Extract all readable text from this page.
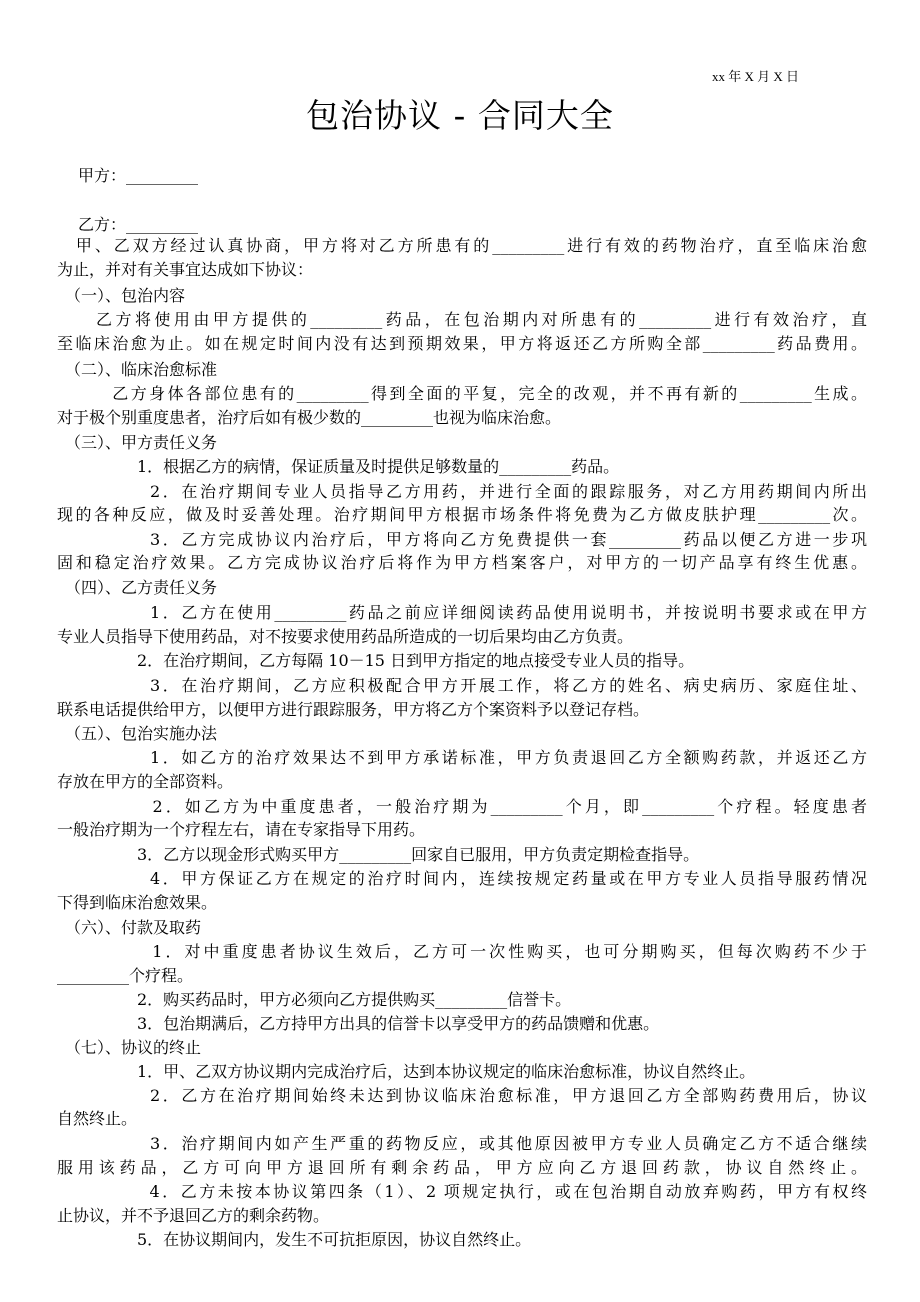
xx 年 X 月 X 日
包治协议 - 合同大全
甲方：_________
乙方：_________
　甲、乙双方经过认真协商，甲方将对乙方所患有的_________进行有效的药物治疗，直至临床治愈
为止，并对有关事宜达成如下协议：
　（一）、包治内容
　　乙方将使用由甲方提供的_________药品，在包治期内对所患有的_________进行有效治疗，直
至临床治愈为止。如在规定时间内没有达到预期效果，甲方将返还乙方所购全部_________药品费用。
　（二）、临床治愈标准
　　　乙方身体各部位患有的_________得到全面的平复，完全的改观，并不再有新的_________生成。
对于极个别重度患者，治疗后如有极少数的_________也视为临床治愈。
　（三）、甲方责任义务
　　　　　1．根据乙方的病情，保证质量及时提供足够数量的_________药品。
　　　　　2．在治疗期间专业人员指导乙方用药，并进行全面的跟踪服务，对乙方用药期间内所出
现的各种反应，做及时妥善处理。治疗期间甲方根据市场条件将免费为乙方做皮肤护理_________次。
　　　　　3．乙方完成协议内治疗后，甲方将向乙方免费提供一套_________药品以便乙方进一步巩
固和稳定治疗效果。乙方完成协议治疗后将作为甲方档案客户，对甲方的一切产品享有终生优惠。
　（四）、乙方责任义务
　　　　　1．乙方在使用_________药品之前应详细阅读药品使用说明书，并按说明书要求或在甲方
专业人员指导下使用药品，对不按要求使用药品所造成的一切后果均由乙方负责。
　　　　　2．在治疗期间，乙方每隔 10－15 日到甲方指定的地点接受专业人员的指导。
　　　　　3．在治疗期间，乙方应积极配合甲方开展工作，将乙方的姓名、病史病历、家庭住址、
联系电话提供给甲方，以便甲方进行跟踪服务，甲方将乙方个案资料予以登记存档。
　（五）、包治实施办法
　　　　　1．如乙方的治疗效果达不到甲方承诺标准，甲方负责退回乙方全额购药款，并返还乙方
存放在甲方的全部资料。
　　　　　2．如乙方为中重度患者，一般治疗期为_________个月，即_________个疗程。轻度患者
一般治疗期为一个疗程左右，请在专家指导下用药。
　　　　　3．乙方以现金形式购买甲方_________回家自已服用，甲方负责定期检查指导。
　　　　　4．甲方保证乙方在规定的治疗时间内，连续按规定药量或在甲方专业人员指导服药情况
下得到临床治愈效果。
　（六）、付款及取药
　　　　　1．对中重度患者协议生效后，乙方可一次性购买，也可分期购买，但每次购药不少于
_________个疗程。
　　　　　2．购买药品时，甲方必须向乙方提供购买_________信誉卡。
　　　　　3．包治期满后，乙方持甲方出具的信誉卡以享受甲方的药品馈赠和优惠。
　（七）、协议的终止
　　　　　1．甲、乙双方协议期内完成治疗后，达到本协议规定的临床治愈标准，协议自然终止。
　　　　　2．乙方在治疗期间始终未达到协议临床治愈标准，甲方退回乙方全部购药费用后，协议
自然终止。
　　　　　3．治疗期间内如产生严重的药物反应，或其他原因被甲方专业人员确定乙方不适合继续
服用该药品，乙方可向甲方退回所有剩余药品，甲方应向乙方退回药款，协议自然终止。
　　　　　4．乙方未按本协议第四条（1）、2 项规定执行，或在包治期自动放弃购药，甲方有权终
止协议，并不予退回乙方的剩余药物。
　　　　　5．在协议期间内，发生不可抗拒原因，协议自然终止。
